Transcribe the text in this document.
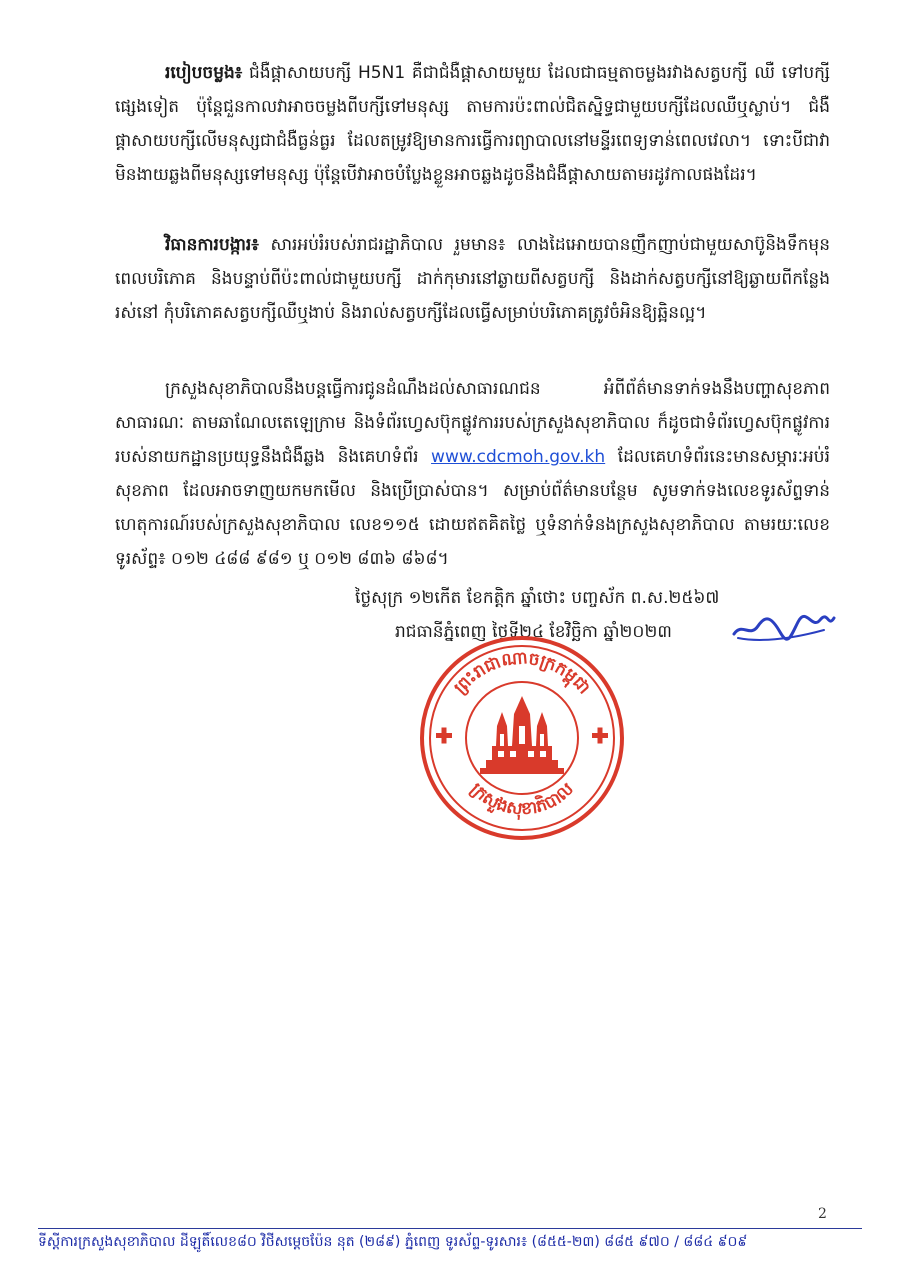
របៀបចម្លង៖ ជំងឺផ្តាសាយបក្សី H5N1 គឺជាជំងឺផ្តាសាយមួយ ដែលជាធម្មតាចម្លងរវាងសត្វបក្សី ឈឺ ទៅបក្សីផ្សេងទៀត ប៉ុន្តែជួនកាលវាអាចចម្លងពីបក្សីទៅមនុស្ស តាមការប៉ះពាល់ជិតស្និទ្ធជាមួយបក្សីដែលឈឺឬស្លាប់។ ជំងឺផ្តាសាយបក្សីលើមនុស្សជាជំងឺធ្ងន់ធ្ងរ ដែលតម្រូវឱ្យមានការធ្វើការព្យាបាលនៅមន្ទីរពេទ្យទាន់ពេលវេលា។ ទោះបីជាវាមិនងាយឆ្លងពីមនុស្សទៅមនុស្ស ប៉ុន្តែបើវាអាចបំប្លែងខ្លួនអាចឆ្លងដូចនឹងជំងឺផ្តាសាយតាមរដូវកាលផងដែរ។
វិធានការបង្ការ៖ សារអប់រំរបស់រាជរដ្ឋាភិបាល រួមមាន៖ លាងដៃអោយបានញឹកញាប់ជាមួយសាប៊ូនិងទឹកមុនពេលបរិភោគ និងបន្ទាប់ពីប៉ះពាល់ជាមួយបក្សី ដាក់កុមារនៅឆ្ងាយពីសត្វបក្សី និងដាក់សត្វបក្សីនៅឱ្យឆ្ងាយពីកន្លែងរស់នៅ កុំបរិភោគសត្វបក្សីឈឺឬងាប់ និងរាល់សត្វបក្សីដែលធ្វើសម្រាប់បរិភោគត្រូវចំអិនឱ្យឆ្អិនល្អ។
ក្រសួងសុខាភិបាលនឹងបន្តធ្វើការជូនដំណឹងដល់សាធារណជន អំពីព័ត៌មានទាក់ទងនឹងបញ្ហាសុខភាពសាធារណៈ តាមឆាណែលតេឡេក្រាម និងទំព័រហ្វេសប៊ុកផ្លូវការរបស់ក្រសួងសុខាភិបាល ក៏ដូចជាទំព័រហ្វេសប៊ុកផ្លូវការរបស់នាយកដ្ឋានប្រយុទ្ធនឹងជំងឺឆ្លង និងគេហទំព័រ www.cdcmoh.gov.kh ដែលគេហទំព័រនេះមានសម្ភារៈអប់រំសុខភាព ដែលអាចទាញយកមកមើល និងប្រើប្រាស់បាន។ សម្រាប់ព័ត៌មានបន្ថែម សូមទាក់ទងលេខទូរស័ព្ទទាន់ហេតុការណ៍របស់ក្រសួងសុខាភិបាល លេខ១១៥ ដោយឥតគិតថ្លៃ ឬទំនាក់ទំនងក្រសួងសុខាភិបាល តាមរយៈលេខទូរស័ព្ទ៖ ០១២ ៤៨៨ ៩៨១ ឬ ០១២ ៨៣៦ ៨៦៨។
ថ្ងៃសុក្រ ១២កើត ខែកត្តិក ឆ្នាំថោះ បញ្ចស័ក ព.ស.២៥៦៧
រាជធានីភ្នំពេញ ថ្ងៃទី២៤ ខែវិច្ឆិកា ឆ្នាំ២០២៣
ព្រះរាជាណាចក្រកម្ពុជា
ក្រសួងសុខាភិបាល
2
ទីស្តីការក្រសួងសុខាភិបាល ដីឡូតិ៍លេខ៨០ វិថីសម្តេចប៉ែន នុត (២៨៩) ភ្នំពេញ ទូរស័ព្ទ-ទូរសារ៖ (៨៥៥-២៣) ៨៨៥ ៩៧០ / ៨៨៤ ៩០៩
